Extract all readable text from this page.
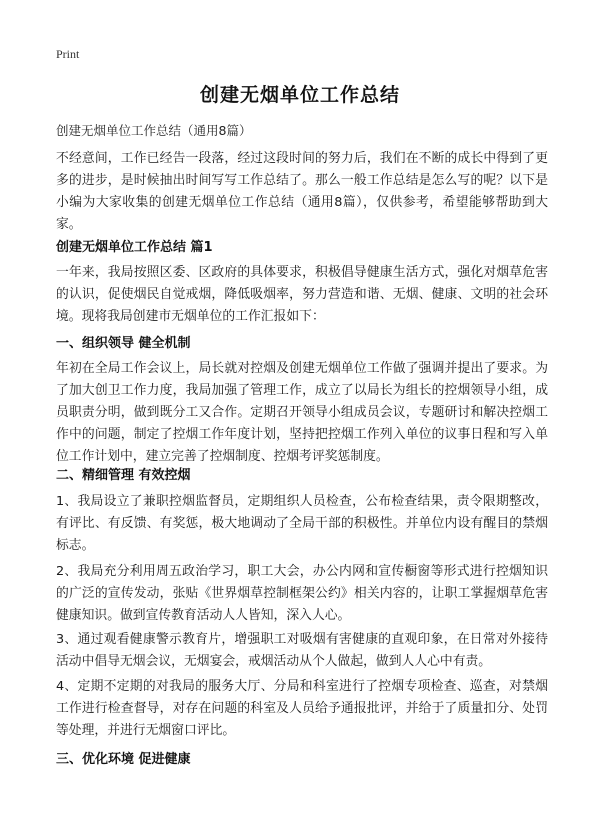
Print
创建无烟单位工作总结
创建无烟单位工作总结（通用8篇）
不经意间，工作已经告一段落，经过这段时间的努力后，我们在不断的成长中得到了更多的进步，是时候抽出时间写写工作总结了。那么一般工作总结是怎么写的呢？以下是小编为大家收集的创建无烟单位工作总结（通用8篇），仅供参考，希望能够帮助到大家。
创建无烟单位工作总结 篇1
一年来，我局按照区委、区政府的具体要求，积极倡导健康生活方式，强化对烟草危害的认识，促使烟民自觉戒烟，降低吸烟率，努力营造和谐、无烟、健康、文明的社会环境。现将我局创建市无烟单位的工作汇报如下：
一、组织领导 健全机制
年初在全局工作会议上，局长就对控烟及创建无烟单位工作做了强调并提出了要求。为了加大创卫工作力度，我局加强了管理工作，成立了以局长为组长的控烟领导小组，成员职责分明，做到既分工又合作。定期召开领导小组成员会议，专题研讨和解决控烟工作中的问题，制定了控烟工作年度计划，坚持把控烟工作列入单位的议事日程和写入单位工作计划中，建立完善了控烟制度、控烟考评奖惩制度。
二、精细管理 有效控烟
1、我局设立了兼职控烟监督员，定期组织人员检查，公布检查结果，责令限期整改，有评比、有反馈、有奖惩，极大地调动了全局干部的积极性。并单位内设有醒目的禁烟标志。
2、我局充分利用周五政治学习，职工大会，办公内网和宣传橱窗等形式进行控烟知识的广泛的宣传发动，张贴《世界烟草控制框架公约》相关内容的，让职工掌握烟草危害健康知识。做到宣传教育活动人人皆知，深入人心。
3、通过观看健康警示教育片，增强职工对吸烟有害健康的直观印象，在日常对外接待活动中倡导无烟会议，无烟宴会，戒烟活动从个人做起，做到人人心中有责。
4、定期不定期的对我局的服务大厅、分局和科室进行了控烟专项检查、巡查，对禁烟工作进行检查督导，对存在问题的科室及人员给予通报批评，并给于了质量扣分、处罚等处理，并进行无烟窗口评比。
三、优化环境 促进健康
